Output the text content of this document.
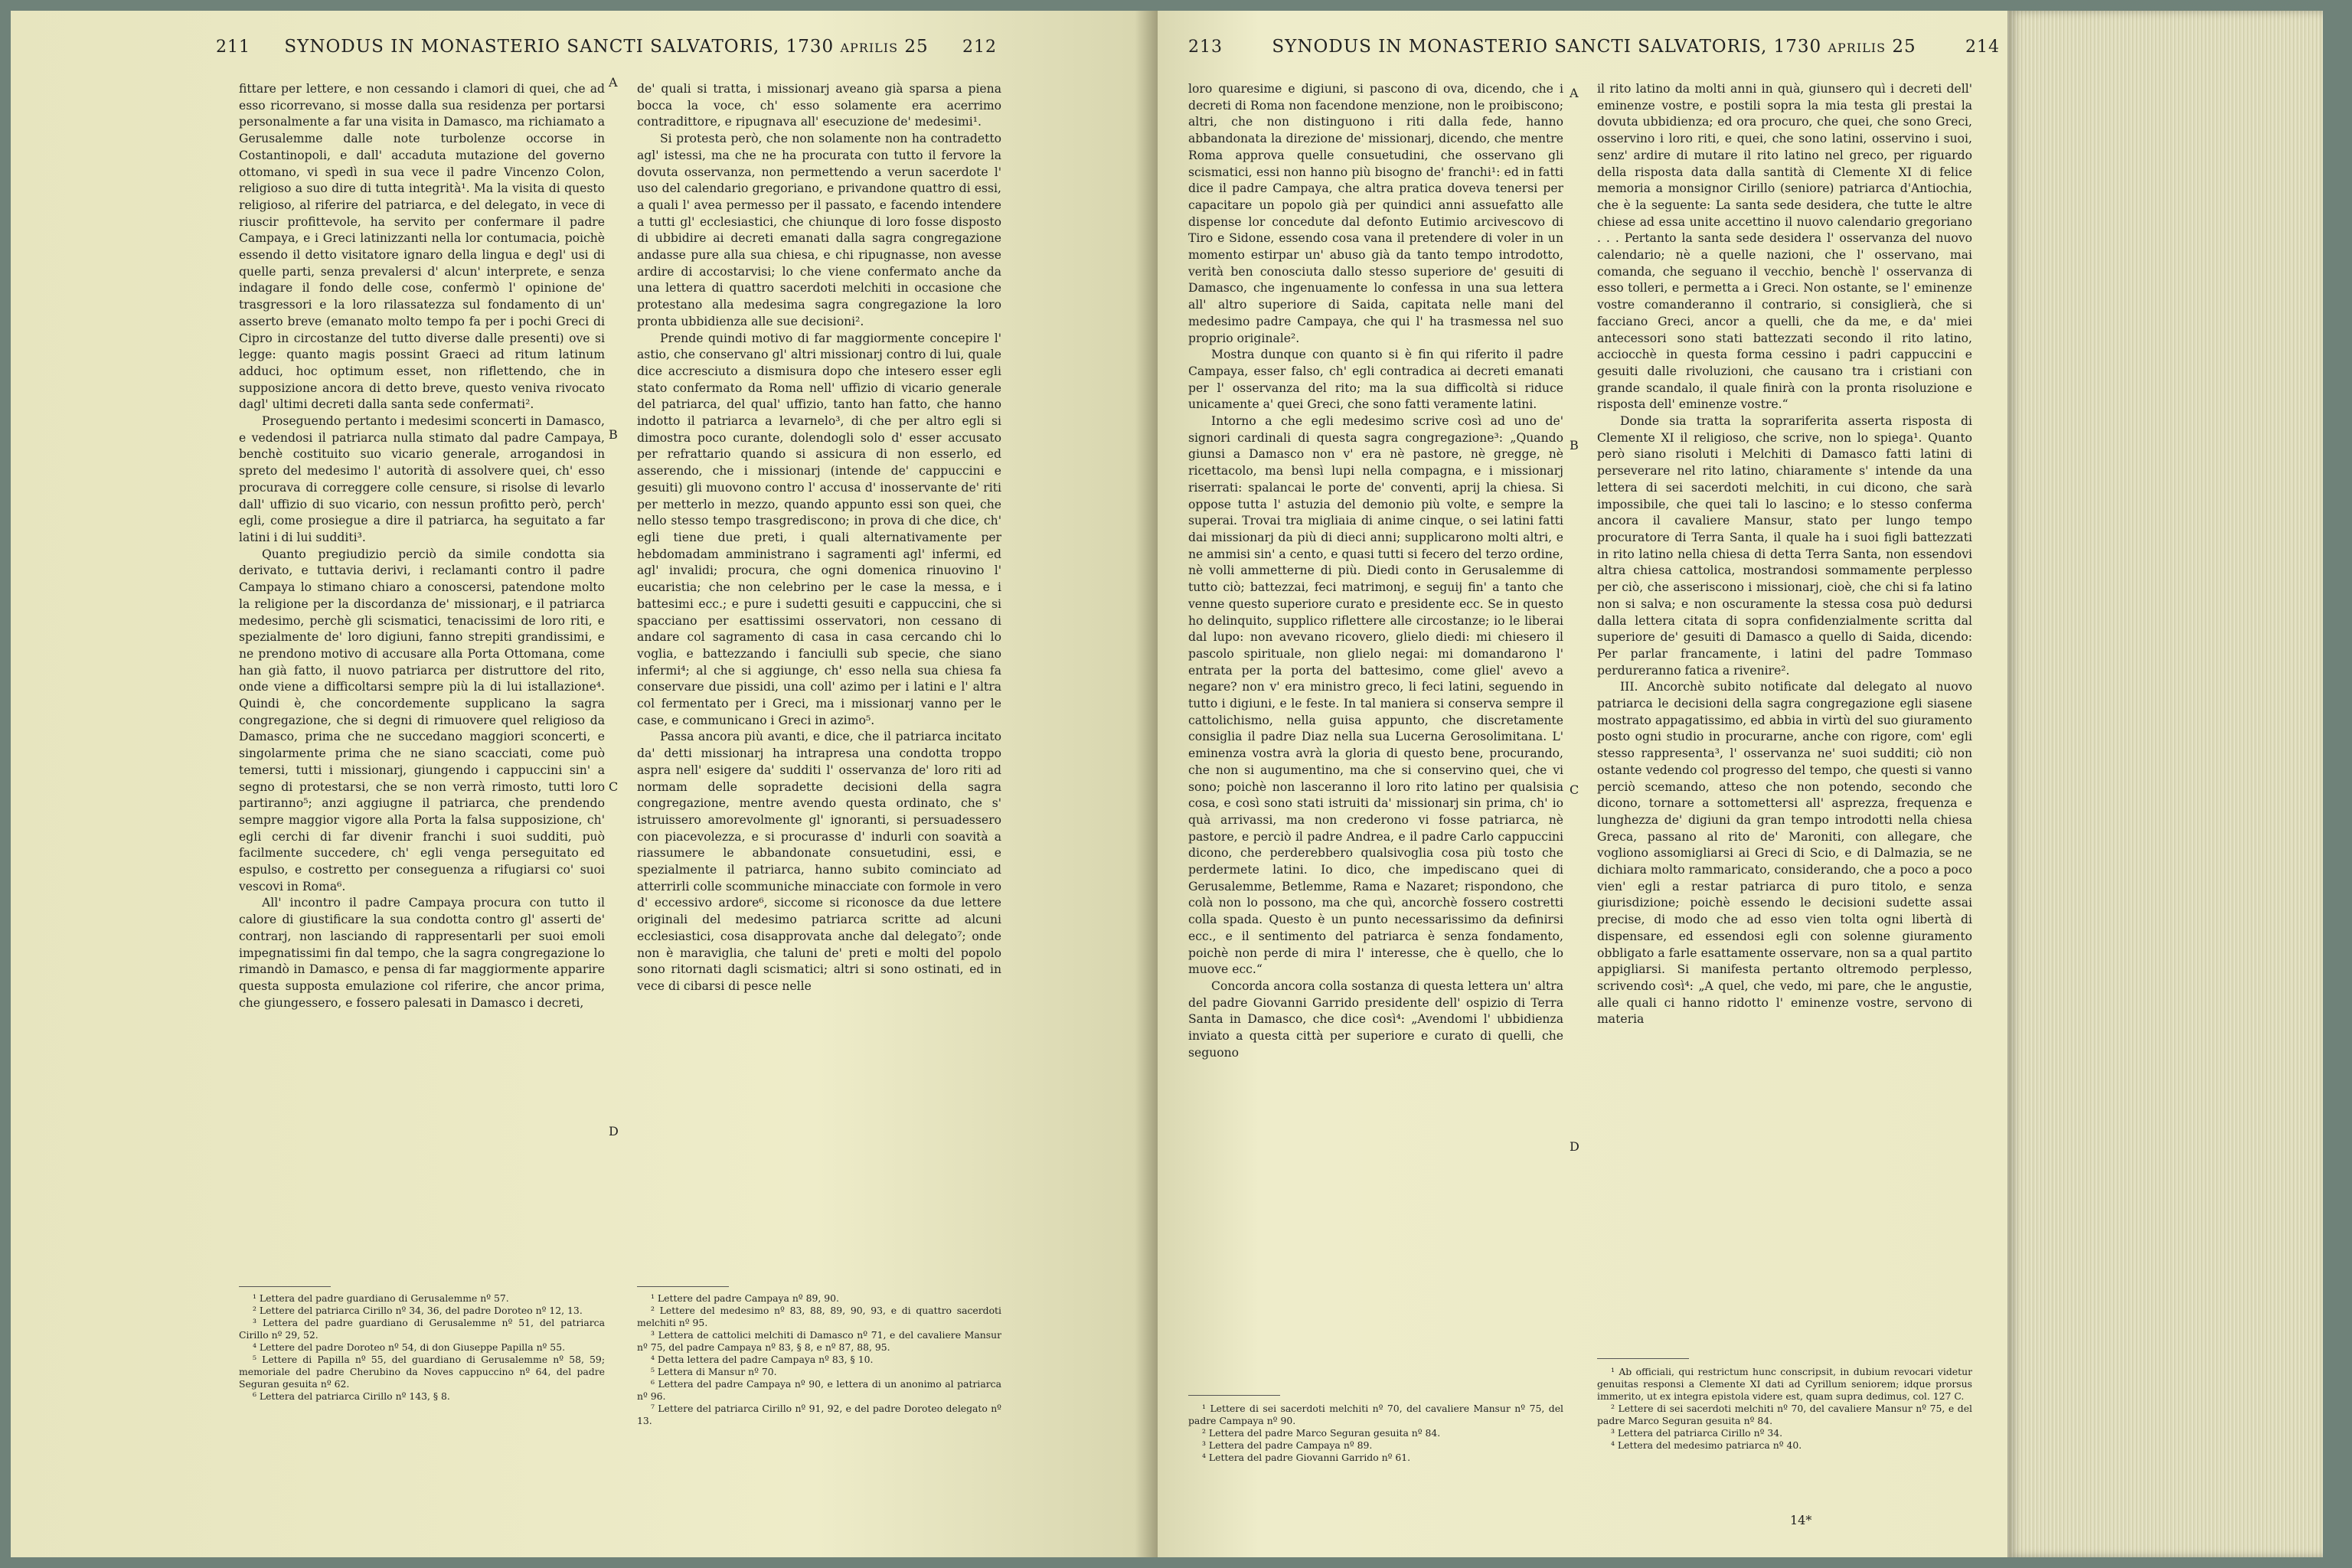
211 SYNODUS IN MONASTERIO SANCTI SALVATORIS, 1730 aprilis 25 212

fittare per lettere, e non cessando i clamori di quei, che ad esso ricorrevano, si mosse dalla sua residenza per portarsi personalmente a far una visita in Damasco, ma richiamato a Gerusalemme dalle note turbolenze occorse in Costantinopoli, e dall' accaduta mutazione del governo ottomano, vi spedì in sua vece il padre Vincenzo Colon, religioso a suo dire di tutta integrità¹. Ma la visita di questo religioso, al riferire del patriarca, e del delegato, in vece di riuscir profittevole, ha servito per confermare il padre Campaya, e i Greci latinizzanti nella lor contumacia, poichè essendo il detto visitatore ignaro della lingua e degl' usi di quelle parti, senza prevalersi d' alcun' interprete, e senza indagare il fondo delle cose, confermò l' opinione de' trasgressori e la loro rilassatezza sul fondamento di un' asserto breve (emanato molto tempo fa per i pochi Greci di Cipro in circostanze del tutto diverse dalle presenti) ove si legge: quanto magis possint Graeci ad ritum latinum adduci, hoc optimum esset, non riflettendo, che in supposizione ancora di detto breve, questo veniva rivocato dagl' ultimi decreti dalla santa sede confermati².

Proseguendo pertanto i medesimi sconcerti in Damasco, e vedendosi il patriarca nulla stimato dal padre Campaya, benchè costituito suo vicario generale, arrogandosi in spreto del medesimo l' autorità di assolvere quei, ch' esso procurava di correggere colle censure, si risolse di levarlo dall' uffizio di suo vicario, con nessun profitto però, perch' egli, come prosiegue a dire il patriarca, ha seguitato a far latini i di lui sudditi³.

Quanto pregiudizio perciò da simile condotta sia derivato, e tuttavia derivi, i reclamanti contro il padre Campaya lo stimano chiaro a conoscersi, patendone molto la religione per la discordanza de' missionarj, e il patriarca medesimo, perchè gli scismatici, tenacissimi de loro riti, e spezialmente de' loro digiuni, fanno strepiti grandissimi, e ne prendono motivo di accusare alla Porta Ottomana, come han già fatto, il nuovo patriarca per distruttore del rito, onde viene a difficoltarsi sempre più la di lui istallazione⁴. Quindi è, che concordemente supplicano la sagra congregazione, che si degni di rimuovere quel religioso da Damasco, prima che ne succedano maggiori sconcerti, e singolarmente prima che ne siano scacciati, come può temersi, tutti i missionarj, giungendo i cappuccini sin' a segno di protestarsi, che se non verrà rimosto, tutti loro partiranno⁵; anzi aggiugne il patriarca, che prendendo sempre maggior vigore alla Porta la falsa supposizione, ch' egli cerchi di far divenir franchi i suoi sudditi, può facilmente succedere, ch' egli venga perseguitato ed espulso, e costretto per conseguenza a rifugiarsi co' suoi vescovi in Roma⁶.

All' incontro il padre Campaya procura con tutto il calore di giustificare la sua condotta contro gl' asserti de' contrarj, non lasciando di rappresentarli per suoi emoli impegnatissimi fin dal tempo, che la sagra congregazione lo rimandò in Damasco, e pensa di far maggiormente apparire questa supposta emulazione col riferire, che ancor prima, che giungessero, e fossero palesati in Damasco i decreti,

de' quali si tratta, i missionarj aveano già sparsa a piena bocca la voce, ch' esso solamente era acerrimo contradittore, e ripugnava all' esecuzione de' medesimi¹.

Si protesta però, che non solamente non ha contradetto agl' istessi, ma che ne ha procurata con tutto il fervore la dovuta osservanza, non permettendo a verun sacerdote l' uso del calendario gregoriano, e privandone quattro di essi, a quali l' avea permesso per il passato, e facendo intendere a tutti gl' ecclesiastici, che chiunque di loro fosse disposto di ubbidire ai decreti emanati dalla sagra congregazione andasse pure alla sua chiesa, e chi ripugnasse, non avesse ardire di accostarvisi; lo che viene confermato anche da una lettera di quattro sacerdoti melchiti in occasione che protestano alla medesima sagra congregazione la loro pronta ubbidienza alle sue decisioni².

Prende quindi motivo di far maggiormente concepire l' astio, che conservano gl' altri missionarj contro di lui, quale dice accresciuto a dismisura dopo che intesero esser egli stato confermato da Roma nell' uffizio di vicario generale del patriarca, del qual' uffizio, tanto han fatto, che hanno indotto il patriarca a levarnelo³, di che per altro egli si dimostra poco curante, dolendogli solo d' esser accusato per refrattario quando si assicura di non esserlo, ed asserendo, che i missionarj (intende de' cappuccini e gesuiti) gli muovono contro l' accusa d' inosservante de' riti per metterlo in mezzo, quando appunto essi son quei, che nello stesso tempo trasgrediscono; in prova di che dice, ch' egli tiene due preti, i quali alternativamente per hebdomadam amministrano i sagramenti agl' infermi, ed agl' invalidi; procura, che ogni domenica rinuovino l' eucaristia; che non celebrino per le case la messa, e i battesimi ecc.; e pure i sudetti gesuiti e cappuccini, che si spacciano per esattissimi osservatori, non cessano di andare col sagramento di casa in casa cercando chi lo voglia, e battezzando i fanciulli sub specie, che siano infermi⁴; al che si aggiunge, ch' esso nella sua chiesa fa conservare due pissidi, una coll' azimo per i latini e l' altra col fermentato per i Greci, ma i missionarj vanno per le case, e communicano i Greci in azimo⁵.

Passa ancora più avanti, e dice, che il patriarca incitato da' detti missionarj ha intrapresa una condotta troppo aspra nell' esigere da' sudditi l' osservanza de' loro riti ad normam delle sopradette decisioni della sagra congregazione, mentre avendo questa ordinato, che s' istruissero amorevolmente gl' ignoranti, si persuadessero con piacevolezza, e si procurasse d' indurli con soavità a riassumere le abbandonate consuetudini, essi, e spezialmente il patriarca, hanno subito cominciato ad atterrirli colle scommuniche minacciate con formole in vero d' eccessivo ardore⁶, siccome si riconosce da due lettere originali del medesimo patriarca scritte ad alcuni ecclesiastici, cosa disapprovata anche dal delegato⁷; onde non è maraviglia, che taluni de' preti e molti del popolo sono ritornati dagli scismatici; altri si sono ostinati, ed in vece di cibarsi di pesce nelle

A
B
C
D
¹ Lettera del padre guardiano di Gerusalemme nº 57.
² Lettere del patriarca Cirillo nº 34, 36, del padre Doroteo nº 12, 13.
³ Lettera del padre guardiano di Gerusalemme nº 51, del patriarca Cirillo nº 29, 52.
⁴ Lettere del padre Doroteo nº 54, di don Giuseppe Papilla nº 55.
⁵ Lettere di Papilla nº 55, del guardiano di Gerusalemme nº 58, 59; memoriale del padre Cherubino da Noves cappuccino nº 64, del padre Seguran gesuita nº 62.
⁶ Lettera del patriarca Cirillo nº 143, § 8.
¹ Lettere del padre Campaya nº 89, 90.
² Lettere del medesimo nº 83, 88, 89, 90, 93, e di quattro sacerdoti melchiti nº 95.
³ Lettera de cattolici melchiti di Damasco nº 71, e del cavaliere Mansur nº 75, del padre Campaya nº 83, § 8, e nº 87, 88, 95.
⁴ Detta lettera del padre Campaya nº 83, § 10.
⁵ Lettera di Mansur nº 70.
⁶ Lettera del padre Campaya nº 90, e lettera di un anonimo al patriarca nº 96.
⁷ Lettere del patriarca Cirillo nº 91, 92, e del padre Doroteo delegato nº 13.
213	SYNODUS IN MONASTERIO SANCTI SALVATORIS, 1730 aprilis 25	214

loro quaresime e digiuni, si pascono di ova, dicendo, che i decreti di Roma non facendone menzione, non le proibiscono; altri, che non distinguono i riti dalla fede, hanno abbandonata la direzione de' missionarj, dicendo, che mentre Roma approva quelle consuetudini, che osservano gli scismatici, essi non hanno più bisogno de' franchi¹: ed in fatti dice il padre Campaya, che altra pratica doveva tenersi per capacitare un popolo già per quindici anni assuefatto alle dispense lor concedute dal defonto Eutimio arcivescovo di Tiro e Sidone, essendo cosa vana il pretendere di voler in un momento estirpar un' abuso già da tanto tempo introdotto, verità ben conosciuta dallo stesso superiore de' gesuiti di Damasco, che ingenuamente lo confessa in una sua lettera all' altro superiore di Saida, capitata nelle mani del medesimo padre Campaya, che qui l' ha trasmessa nel suo proprio originale².

Mostra dunque con quanto si è fin qui riferito il padre Campaya, esser falso, ch' egli contradica ai decreti emanati per l' osservanza del rito; ma la sua difficoltà si riduce unicamente a' quei Greci, che sono fatti veramente latini.

Intorno a che egli medesimo scrive così ad uno de' signori cardinali di questa sagra congregazione³: „Quando giunsi a Damasco non v' era nè pastore, nè gregge, nè ricettacolo, ma bensì lupi nella compagna, e i missionarj riserrati: spalancai le porte de' conventi, aprij la chiesa. Si oppose tutta l' astuzia del demonio più volte, e sempre la superai. Trovai tra migliaia di anime cinque, o sei latini fatti dai missionarj da più di dieci anni; supplicarono molti altri, e ne ammisi sin' a cento, e quasi tutti si fecero del terzo ordine, nè volli ammetterne di più. Diedi conto in Gerusalemme di tutto ciò; battezzai, feci matrimonj, e seguij fin' a tanto che venne questo superiore curato e presidente ecc. Se in questo ho delinquito, supplico riflettere alle circostanze; io le liberai dal lupo: non avevano ricovero, glielo diedi: mi chiesero il pascolo spirituale, non glielo negai: mi domandarono l' entrata per la porta del battesimo, come gliel' avevo a negare? non v' era ministro greco, li feci latini, seguendo in tutto i digiuni, e le feste. In tal maniera si conserva sempre il cattolichismo, nella guisa appunto, che discretamente consiglia il padre Diaz nella sua Lucerna Gerosolimitana. L' eminenza vostra avrà la gloria di questo bene, procurando, che non si augumentino, ma che si conservino quei, che vi sono; poichè non lasceranno il loro rito latino per qualsisia cosa, e così sono stati istruiti da' missionarj sin prima, ch' io quà arrivassi, ma non crederono vi fosse patriarca, nè pastore, e perciò il padre Andrea, e il padre Carlo cappuccini dicono, che perderebbero qualsivoglia cosa più tosto che perdermete latini. Io dico, che impediscano quei di Gerusalemme, Betlemme, Rama e Nazaret; rispondono, che colà non lo possono, ma che quì, ancorchè fossero costretti colla spada. Questo è un punto necessarissimo da definirsi ecc., e il sentimento del patriarca è senza fondamento, poichè non perde di mira l' interesse, che è quello, che lo muove ecc.“

Concorda ancora colla sostanza di questa lettera un' altra del padre Giovanni Garrido presidente dell' ospizio di Terra Santa in Damasco, che dice così⁴: „Avendomi l' ubbidienza inviato a questa città per superiore e curato di quelli, che seguono

il rito latino da molti anni in quà, giunsero quì i decreti dell' eminenze vostre, e postili sopra la mia testa gli prestai la dovuta ubbidienza; ed ora procuro, che quei, che sono Greci, osservino i loro riti, e quei, che sono latini, osservino i suoi, senz' ardire di mutare il rito latino nel greco, per riguardo della risposta data dalla santità di Clemente XI di felice memoria a monsignor Cirillo (seniore) patriarca d'Antiochia, che è la seguente: La santa sede desidera, che tutte le altre chiese ad essa unite accettino il nuovo calendario gregoriano . . . Pertanto la santa sede desidera l' osservanza del nuovo calendario; nè a quelle nazioni, che l' osservano, mai comanda, che seguano il vecchio, benchè l' osservanza di esso tolleri, e permetta a i Greci. Non ostante, se l' eminenze vostre comanderanno il contrario, si consiglierà, che si facciano Greci, ancor a quelli, che da me, e da' miei antecessori sono stati battezzati secondo il rito latino, acciocchè in questa forma cessino i padri cappuccini e gesuiti dalle rivoluzioni, che causano tra i cristiani con grande scandalo, il quale finirà con la pronta risoluzione e risposta dell' eminenze vostre.“

Donde sia tratta la soprariferita asserta risposta di Clemente XI il religioso, che scrive, non lo spiega¹. Quanto però siano risoluti i Melchiti di Damasco fatti latini di perseverare nel rito latino, chiaramente s' intende da una lettera di sei sacerdoti melchiti, in cui dicono, che sarà impossibile, che quei tali lo lascino; e lo stesso conferma ancora il cavaliere Mansur, stato per lungo tempo procuratore di Terra Santa, il quale ha i suoi figli battezzati in rito latino nella chiesa di detta Terra Santa, non essendovi altra chiesa cattolica, mostrandosi sommamente perplesso per ciò, che asseriscono i missionarj, cioè, che chi si fa latino non si salva; e non oscuramente la stessa cosa può dedursi dalla lettera citata di sopra confidenzialmente scritta dal superiore de' gesuiti di Damasco a quello di Saida, dicendo: Per parlar francamente, i latini del padre Tommaso perdureranno fatica a rivenire².

III. Ancorchè subito notificate dal delegato al nuovo patriarca le decisioni della sagra congregazione egli siasene mostrato appagatissimo, ed abbia in virtù del suo giuramento posto ogni studio in procurarne, anche con rigore, com' egli stesso rappresenta³, l' osservanza ne' suoi sudditi; ciò non ostante vedendo col progresso del tempo, che questi si vanno perciò scemando, atteso che non potendo, secondo che dicono, tornare a sottomettersi all' asprezza, frequenza e lunghezza de' digiuni da gran tempo introdotti nella chiesa Greca, passano al rito de' Maroniti, con allegare, che vogliono assomigliarsi ai Greci di Scio, e di Dalmazia, se ne dichiara molto rammaricato, considerando, che a poco a poco vien' egli a restar patriarca di puro titolo, e senza giurisdizione; poichè essendo le decisioni sudette assai precise, di modo che ad esso vien tolta ogni libertà di dispensare, ed essendosi egli con solenne giuramento obbligato a farle esattamente osservare, non sa a qual partito appigliarsi. Si manifesta pertanto oltremodo perplesso, scrivendo così⁴: „A quel, che vedo, mi pare, che le angustie, alle quali ci hanno ridotto l' eminenze vostre, servono di materia

A
B
C
D
¹ Lettere di sei sacerdoti melchiti nº 70, del cavaliere Mansur nº 75, del padre Campaya nº 90.
² Lettera del padre Marco Seguran gesuita nº 84.
³ Lettera del padre Campaya nº 89.
⁴ Lettera del padre Giovanni Garrido nº 61.
¹ Ab officiali, qui restrictum hunc conscripsit, in dubium revocari videtur genuitas responsi a Clemente XI dati ad Cyrillum seniorem; idque prorsus immerito, ut ex integra epistola videre est, quam supra dedimus, col. 127 C.
² Lettere di sei sacerdoti melchiti nº 70, del cavaliere Mansur nº 75, e del padre Marco Seguran gesuita nº 84.
³ Lettera del patriarca Cirillo nº 34.
⁴ Lettera del medesimo patriarca nº 40.
14*
